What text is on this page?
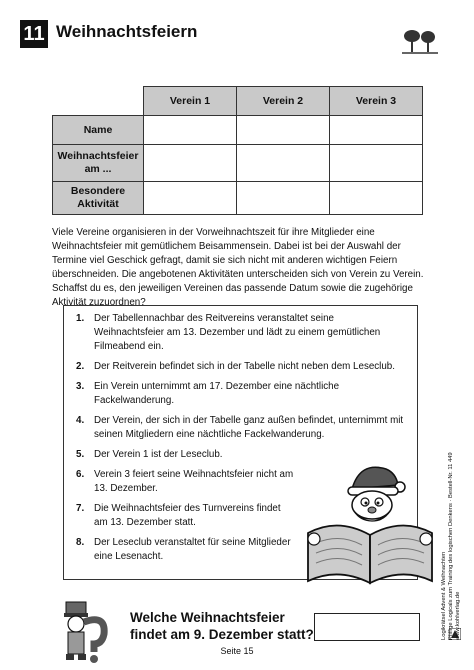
11 Weihnachtsfeiern
	Verein 1	Verein 2	Verein 3
Name			
Weihnachtsfeier am ...			
Besondere Aktivität			
Viele Vereine organisieren in der Vorweihnachtszeit für ihre Mitglieder eine Weihnachtsfeier mit gemütlichem Beisammensein. Dabei ist bei der Auswahl der Termine viel Geschick gefragt, damit sie sich nicht mit anderen wichtigen Feiern überschneiden. Die angebotenen Aktivitäten unterscheiden sich von Verein zu Verein. Schaffst du es, den jeweiligen Vereinen das passende Datum sowie die zugehörige Aktivität zuzuordnen?
1. Der Tabellennachbar des Reitvereins veranstaltet seine Weihnachtsfeier am 13. Dezember und lädt zu einem gemütlichen Filmeabend ein.
2. Der Reitverein befindet sich in der Tabelle nicht neben dem Leseclub.
3. Ein Verein unternimmt am 17. Dezember eine nächtliche Fackelwanderung.
4. Der Verein, der sich in der Tabelle ganz außen befindet, unternimmt mit seinen Mitgliedern eine nächtliche Fackelwanderung.
5. Der Verein 1 ist der Leseclub.
6. Verein 3 feiert seine Weihnachtsfeier nicht am 13. Dezember.
7. Die Weihnachtsfeier des Turnvereins findet am 13. Dezember statt.
8. Der Leseclub veranstaltet für seine Mitglieder eine Lesenacht.
Welche Weihnachtsfeier
findet am 9. Dezember statt?
Seite 15
Logikrätsel Advent & Weihnachten Pfiffige Logicals zum Training des logischen Denkens · Bestell-Nr. 11 449 www.kohlverlag.de
